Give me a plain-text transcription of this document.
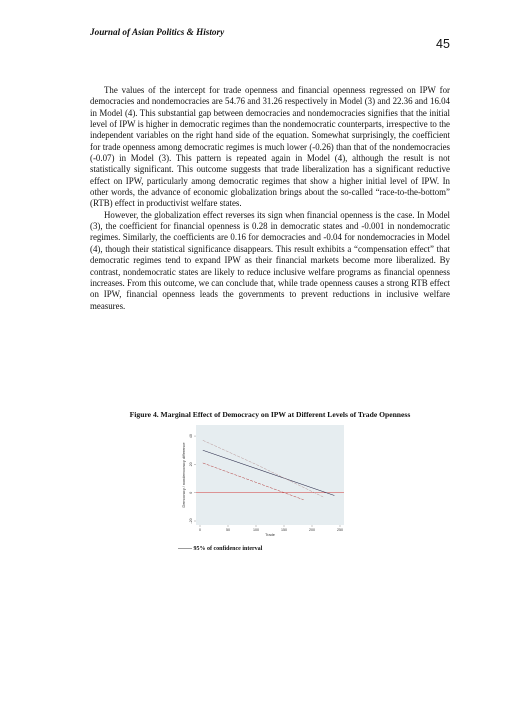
Journal of Asian Politics & History
45

The values of the intercept for trade openness and financial openness regressed on IPW for democracies and nondemocracies are 54.76 and 31.26 respectively in Model (3) and 22.36 and 16.04 in Model (4). This substantial gap between democracies and nondemocracies signifies that the initial level of IPW is higher in democratic regimes than the nondemocratic counterparts, irrespective to the independent variables on the right hand side of the equation. Somewhat surprisingly, the coefficient for trade openness among democratic regimes is much lower (-0.26) than that of the nondemocracies (-0.07) in Model (3). This pattern is repeated again in Model (4), although the result is not statistically significant. This outcome suggests that trade liberalization has a significant reductive effect on IPW, particularly among democratic regimes that show a higher initial level of IPW. In other words, the advance of economic globalization brings about the so-called “race-to-the-bottom” (RTB) effect in productivist welfare states.

However, the globalization effect reverses its sign when financial openness is the case. In Model (3), the coefficient for financial openness is 0.28 in democratic states and -0.001 in nondemocratic regimes. Similarly, the coefficients are 0.16 for democracies and -0.04 for nondemocracies in Model (4), though their statistical significance disappears. This result exhibits a “compensation effect” that democratic regimes tend to expand IPW as their financial markets become more liberalized. By contrast, nondemocratic states are likely to reduce inclusive welfare programs as financial openness increases. From this outcome, we can conclude that, while trade openness causes a strong RTB effect on IPW, financial openness leads the governments to prevent reductions in inclusive welfare measures.

Figure 4. Marginal Effect of Democracy on IPW at Different Levels of Trade Openness
-20
0
20
40
0	50	100	150	200	250
Democracy / nondemocracy difference
Trade
------- 95% of confidence interval
